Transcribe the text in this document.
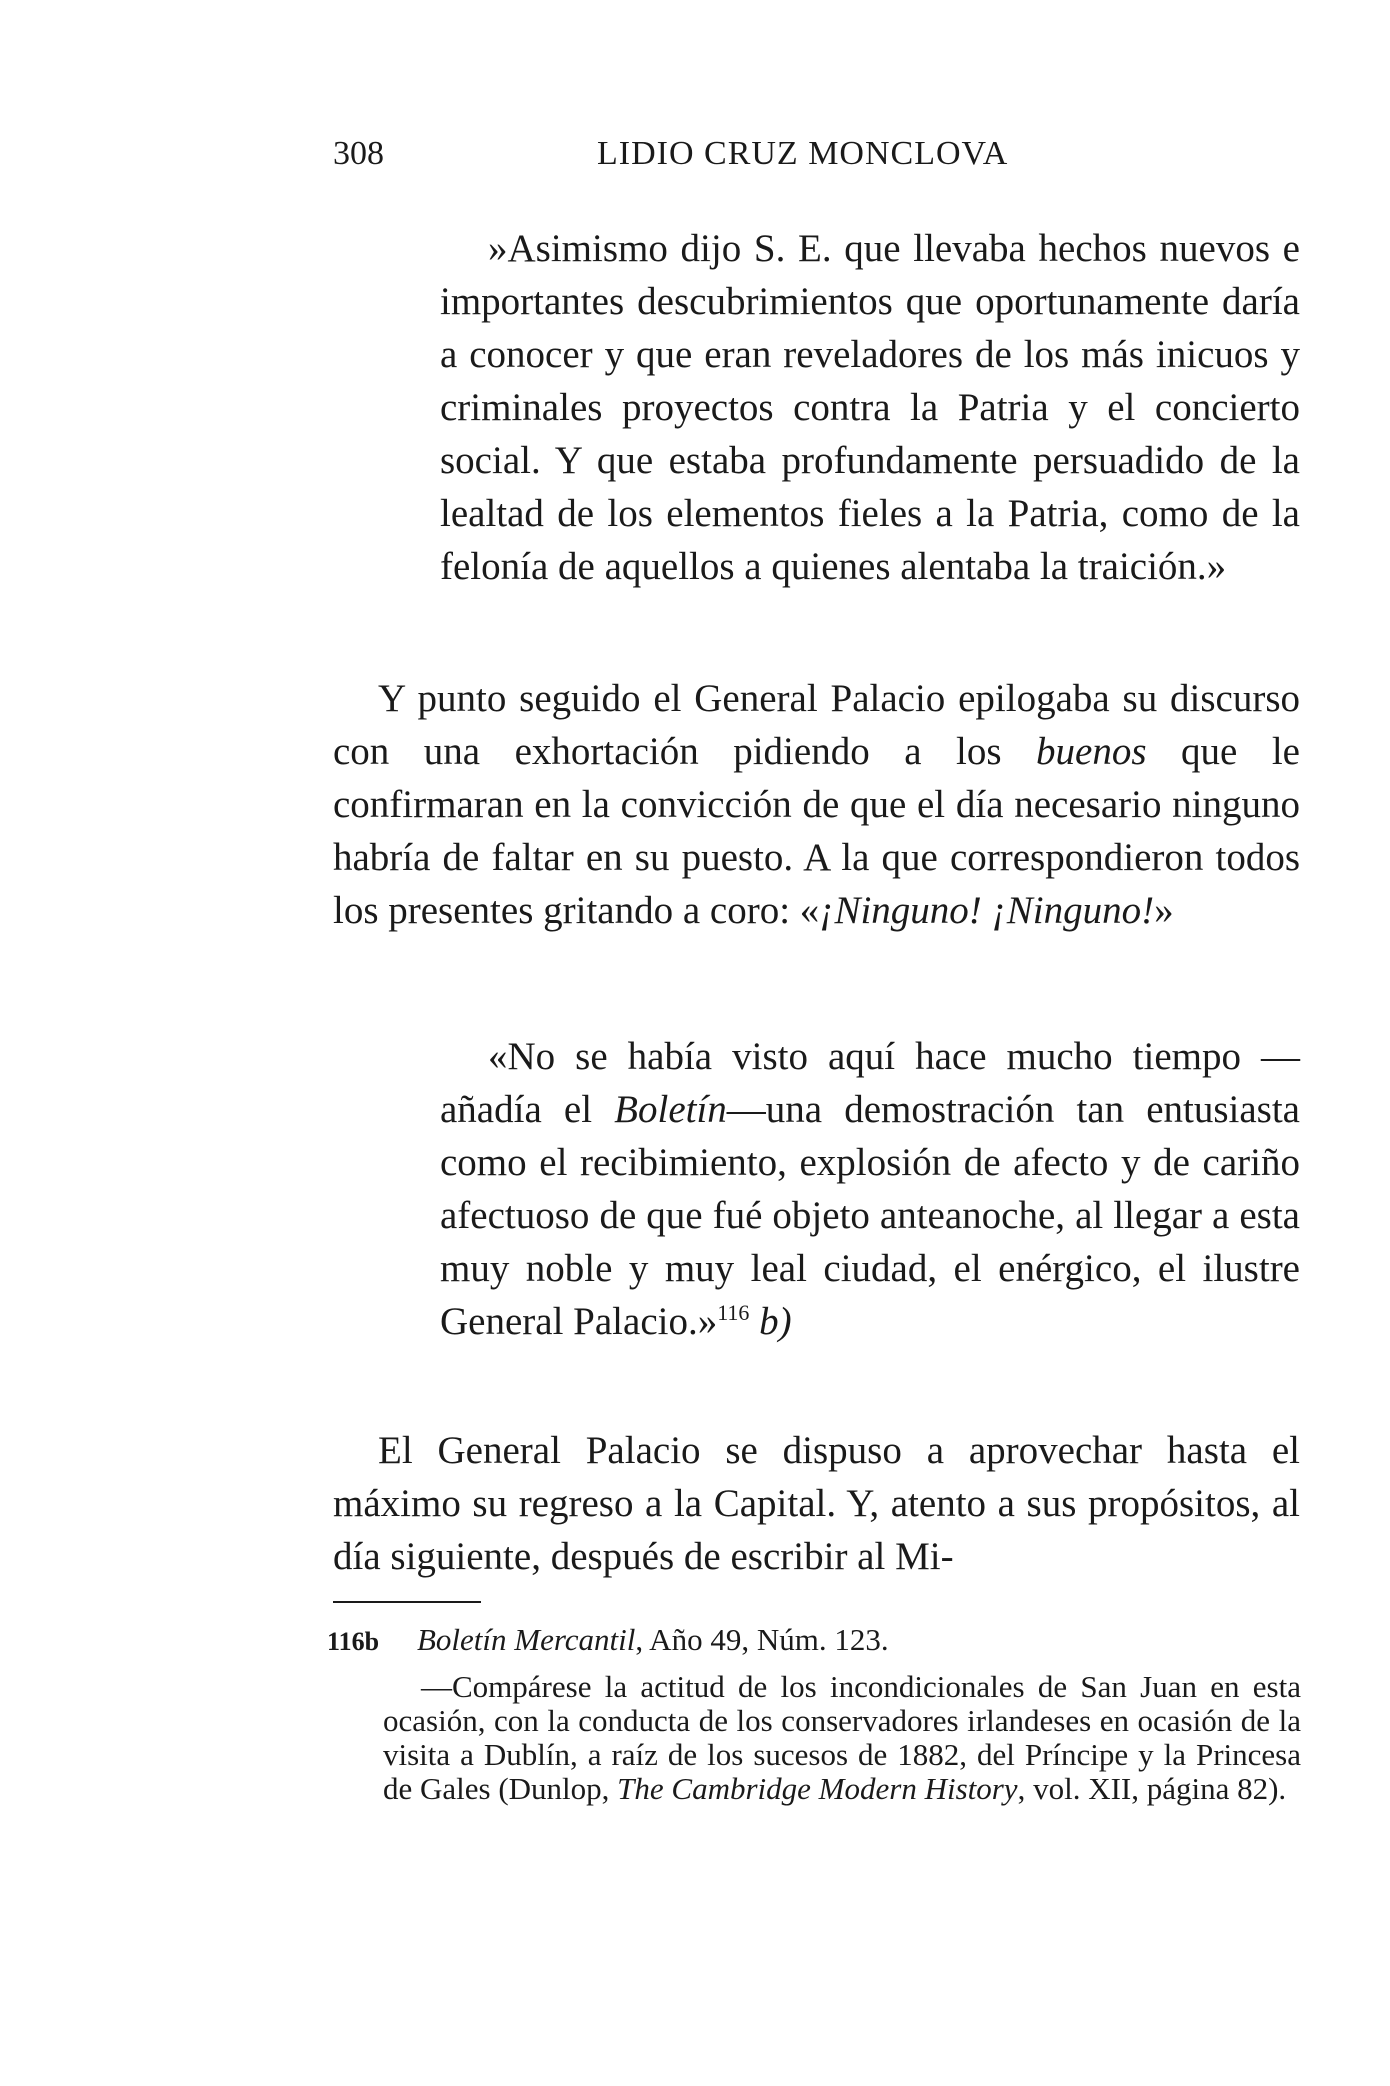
308	LIDIO CRUZ MONCLOVA

»Asimismo dijo S. E. que llevaba hechos nuevos e importantes descubrimientos que oportunamente daría a conocer y que eran reveladores de los más inicuos y criminales proyectos contra la Patria y el concierto social. Y que estaba profundamente persuadido de la lealtad de los elementos fieles a la Patria, como de la felonía de aquellos a quienes alentaba la traición.»

Y punto seguido el General Palacio epilogaba su discurso con una exhortación pidiendo a los buenos que le confirmaran en la convicción de que el día necesario ninguno habría de faltar en su puesto. A la que correspondieron todos los presentes gritando a coro: «¡Ninguno! ¡Ninguno!»

«No se había visto aquí hace mucho tiempo —añadía el Boletín—una demostración tan entusiasta como el recibimiento, explosión de afecto y de cariño afectuoso de que fué objeto anteanoche, al llegar a esta muy noble y muy leal ciudad, el enérgico, el ilustre General Palacio.»$^{116}$ b)

El General Palacio se dispuso a aprovechar hasta el máximo su regreso a la Capital. Y, atento a sus propósitos, al día siguiente, después de escribir al Mi-

116b Boletín Mercantil, Año 49, Núm. 123.

—Compárese la actitud de los incondicionales de San Juan en esta ocasión, con la conducta de los conservadores irlandeses en ocasión de la visita a Dublín, a raíz de los sucesos de 1882, del Príncipe y la Princesa de Gales (Dunlop, The Cambridge Modern History, vol. XII, página 82).
